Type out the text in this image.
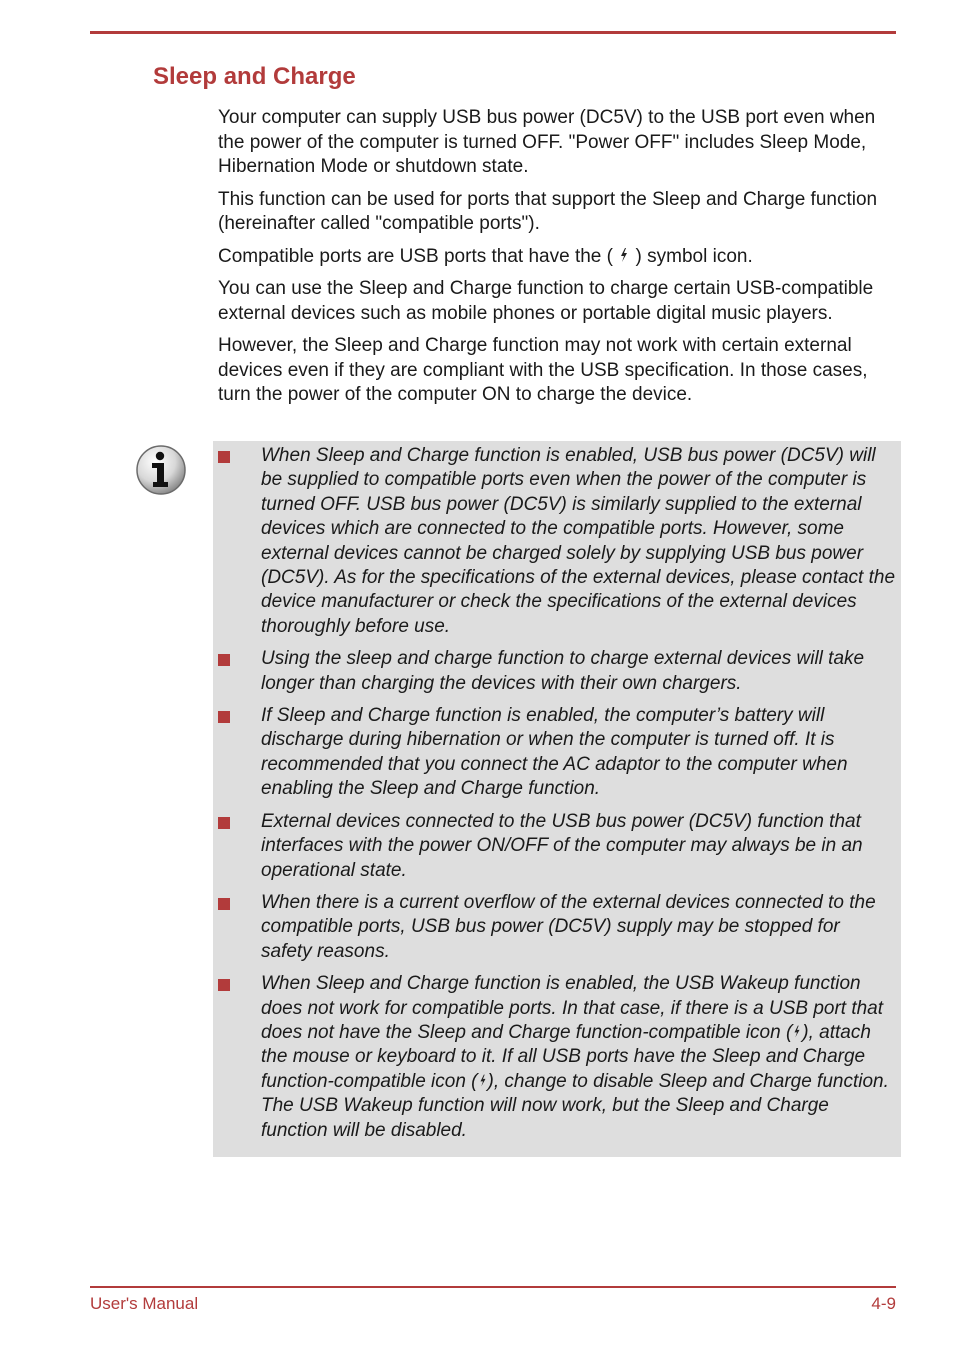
Sleep and Charge

Your computer can supply USB bus power (DC5V) to the USB port even when the power of the computer is turned OFF. "Power OFF" includes Sleep Mode, Hibernation Mode or shutdown state.

This function can be used for ports that support the Sleep and Charge function (hereinafter called "compatible ports").

Compatible ports are USB ports that have the ( ) symbol icon.

You can use the Sleep and Charge function to charge certain USB-compatible external devices such as mobile phones or portable digital music players.

However, the Sleep and Charge function may not work with certain external devices even if they are compliant with the USB specification. In those cases, turn the power of the computer ON to charge the device.

When Sleep and Charge function is enabled, USB bus power (DC5V) will be supplied to compatible ports even when the power of the computer is turned OFF. USB bus power (DC5V) is similarly supplied to the external devices which are connected to the compatible ports. However, some external devices cannot be charged solely by supplying USB bus power (DC5V). As for the specifications of the external devices, please contact the device manufacturer or check the specifications of the external devices thoroughly before use.
Using the sleep and charge function to charge external devices will take longer than charging the devices with their own chargers.
If Sleep and Charge function is enabled, the computer’s battery will discharge during hibernation or when the computer is turned off. It is recommended that you connect the AC adaptor to the computer when enabling the Sleep and Charge function.
External devices connected to the USB bus power (DC5V) function that interfaces with the power ON/OFF of the computer may always be in an operational state.
When there is a current overflow of the external devices connected to the compatible ports, USB bus power (DC5V) supply may be stopped for safety reasons.
When Sleep and Charge function is enabled, the USB Wakeup function does not work for compatible ports. In that case, if there is a USB port that does not have the Sleep and Charge function-compatible icon ( ), attach the mouse or keyboard to it. If all USB ports have the Sleep and Charge function-compatible icon ( ), change to disable Sleep and Charge function. The USB Wakeup function will now work, but the Sleep and Charge function will be disabled.
User's Manual	4-9
